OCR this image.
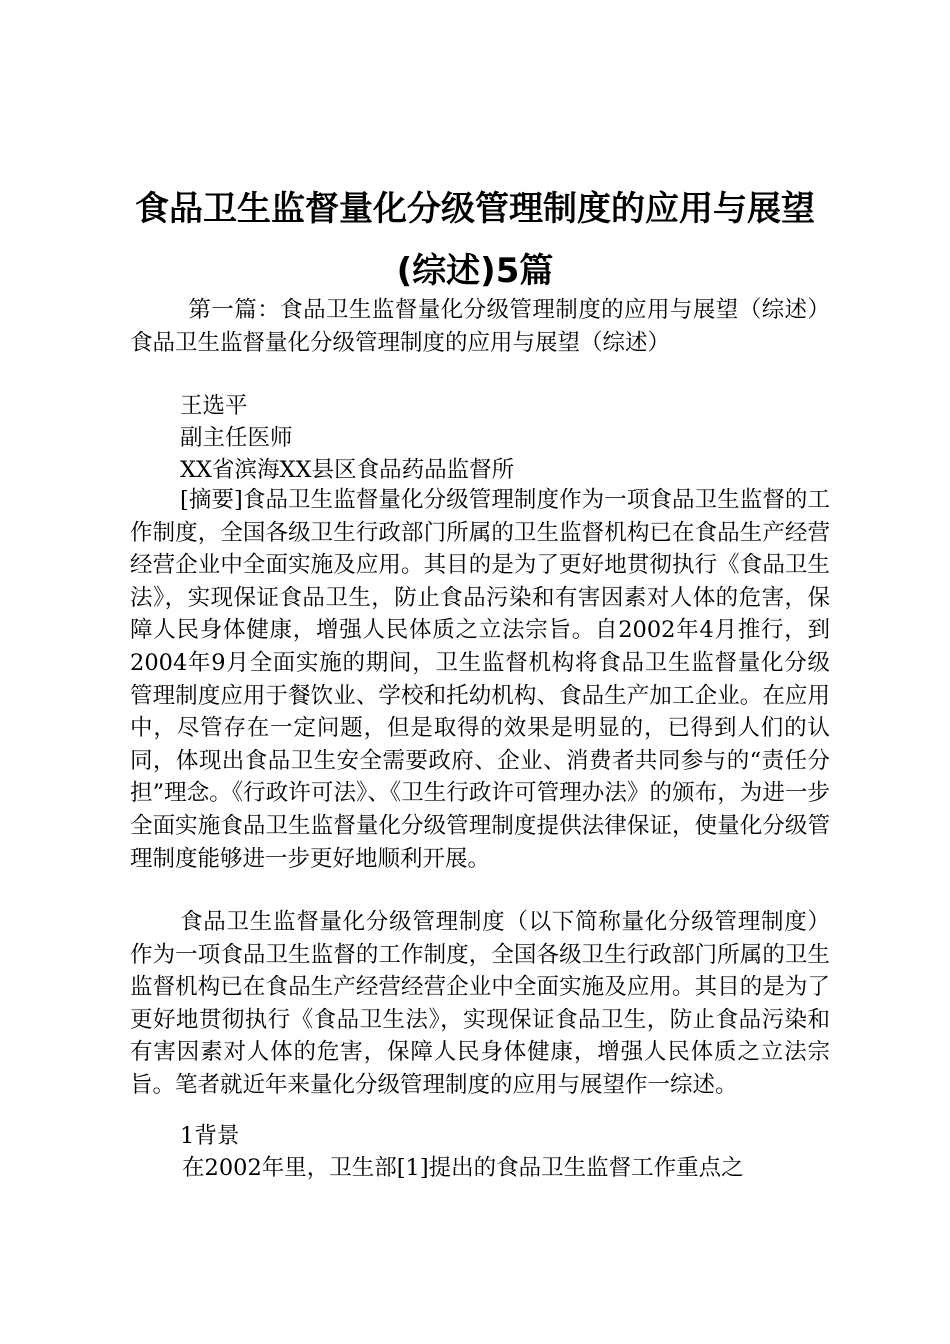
食品卫生监督量化分级管理制度的应用与展望
(综述)5篇
第一篇：食品卫生监督量化分级管理制度的应用与展望（综述）食品卫生监督量化分级管理制度的应用与展望（综述）
王选平
副主任医师
XX省滨海XX县区食品药品监督所
[摘要]食品卫生监督量化分级管理制度作为一项食品卫生监督的工作制度，全国各级卫生行政部门所属的卫生监督机构已在食品生产经营经营企业中全面实施及应用。其目的是为了更好地贯彻执行《食品卫生法》，实现保证食品卫生，防止食品污染和有害因素对人体的危害，保障人民身体健康，增强人民体质之立法宗旨。自2002年4月推行，到2004年9月全面实施的期间，卫生监督机构将食品卫生监督量化分级管理制度应用于餐饮业、学校和托幼机构、食品生产加工企业。在应用中，尽管存在一定问题，但是取得的效果是明显的，已得到人们的认同，体现出食品卫生安全需要政府、企业、消费者共同参与的“责任分担”理念。《行政许可法》、《卫生行政许可管理办法》的颁布，为进一步全面实施食品卫生监督量化分级管理制度提供法律保证，使量化分级管理制度能够进一步更好地顺利开展。
食品卫生监督量化分级管理制度（以下简称量化分级管理制度）作为一项食品卫生监督的工作制度，全国各级卫生行政部门所属的卫生监督机构已在食品生产经营经营企业中全面实施及应用。其目的是为了更好地贯彻执行《食品卫生法》，实现保证食品卫生，防止食品污染和有害因素对人体的危害，保障人民身体健康，增强人民体质之立法宗旨。笔者就近年来量化分级管理制度的应用与展望作一综述。
1背景
在2002年里，卫生部[1]提出的食品卫生监督工作重点之
